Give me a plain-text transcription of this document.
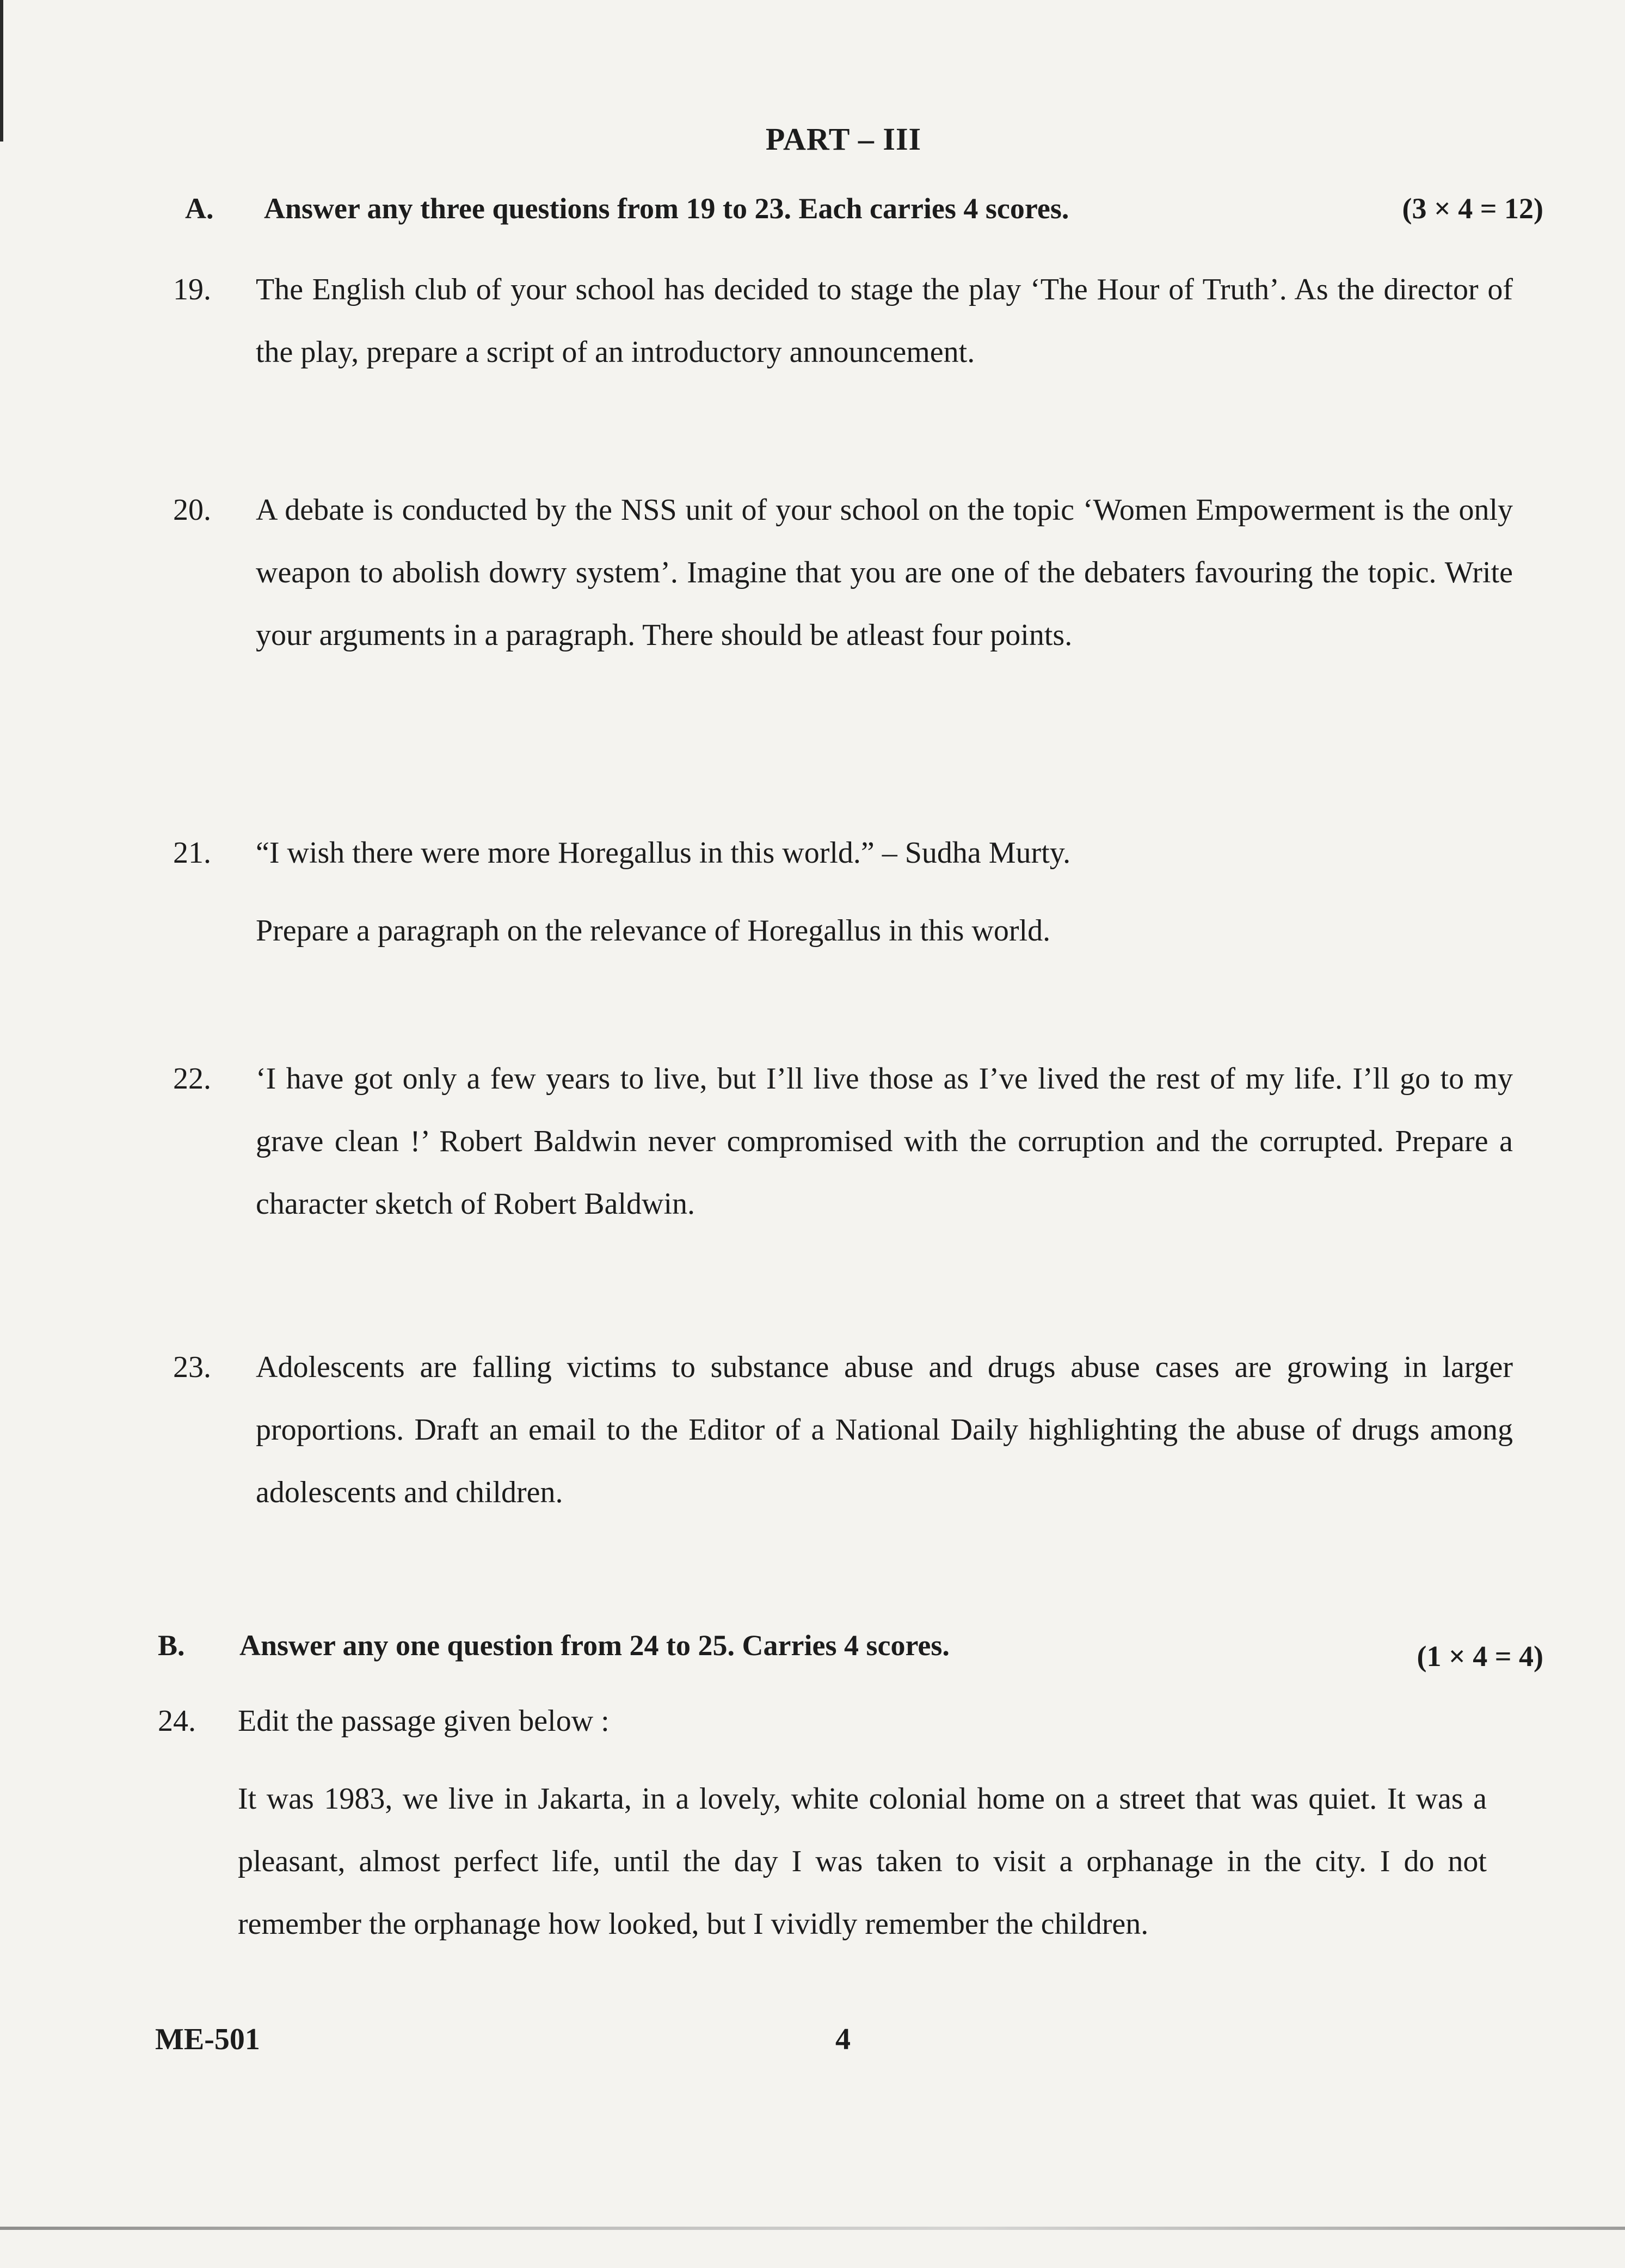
PART – III
A. Answer any three questions from 19 to 23. Each carries 4 scores.	(3 × 4 = 12)
19. The English club of your school has decided to stage the play ‘The Hour of Truth’. As the director of the play, prepare a script of an introductory announcement.

20. A debate is conducted by the NSS unit of your school on the topic ‘Women Empowerment is the only weapon to abolish dowry system’. Imagine that you are one of the debaters favouring the topic. Write your arguments in a paragraph. There should be atleast four points.

21. “I wish there were more Horegallus in this world.” – Sudha Murty.

Prepare a paragraph on the relevance of Horegallus in this world.

22. ‘I have got only a few years to live, but I’ll live those as I’ve lived the rest of my life. I’ll go to my grave clean !’ Robert Baldwin never compromised with the corruption and the corrupted. Prepare a character sketch of Robert Baldwin.

23. Adolescents are falling victims to substance abuse and drugs abuse cases are growing in larger proportions. Draft an email to the Editor of a National Daily highlighting the abuse of drugs among adolescents and children.

B. Answer any one question from 24 to 25. Carries 4 scores.	(1 × 4 = 4)
24. Edit the passage given below :

It was 1983, we live in Jakarta, in a lovely, white colonial home on a street that was quiet. It was a pleasant, almost perfect life, until the day I was taken to visit a orphanage in the city. I do not remember the orphanage how looked, but I vividly remember the children.

ME-501	4
